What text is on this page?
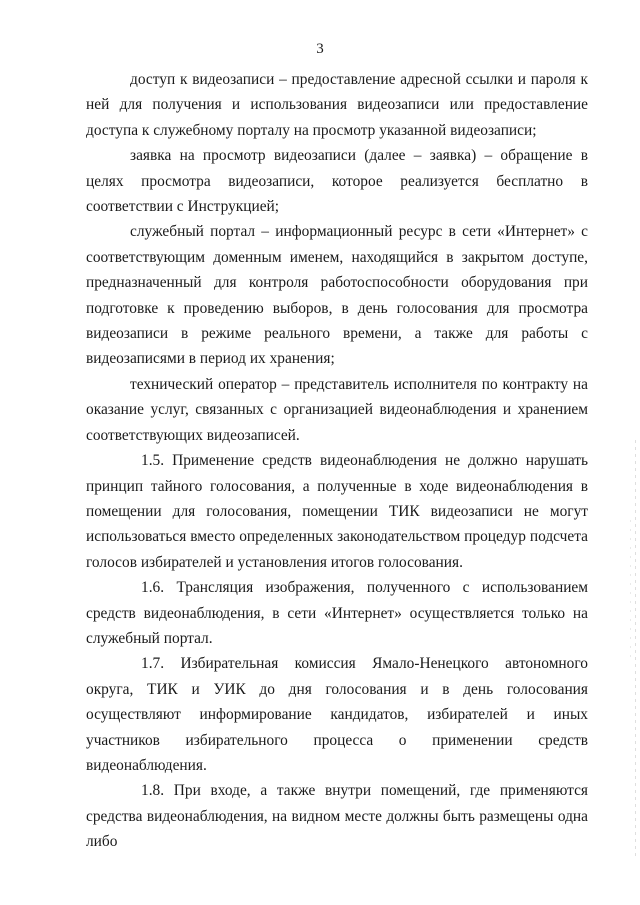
3

доступ к видеозаписи – предоставление адресной ссылки и пароля к ней для получения и использования видеозаписи или предоставление доступа к служебному порталу на просмотр указанной видеозаписи;

заявка на просмотр видеозаписи (далее – заявка) – обращение в целях просмотра видеозаписи, которое реализуется бесплатно в соответствии с Инструкцией;

служебный портал – информационный ресурс в сети «Интернет» с соответствующим доменным именем, находящийся в закрытом доступе, предназначенный для контроля работоспособности оборудования при подготовке к проведению выборов, в день голосования для просмотра видеозаписи в режиме реального времени, а также для работы с видеозаписями в период их хранения;

технический оператор – представитель исполнителя по контракту на оказание услуг, связанных с организацией видеонаблюдения и хранением соответствующих видеозаписей.

1.5. Применение средств видеонаблюдения не должно нарушать принцип тайного голосования, а полученные в ходе видеонаблюдения в помещении для голосования, помещении ТИК видеозаписи не могут использоваться вместо определенных законодательством процедур подсчета голосов избирателей и установления итогов голосования.

1.6. Трансляция изображения, полученного с использованием средств видеонаблюдения, в сети «Интернет» осуществляется только на служебный портал.

1.7. Избирательная комиссия Ямало-Ненецкого автономного округа, ТИК и УИК до дня голосования и в день голосования осуществляют информирование кандидатов, избирателей и иных участников избирательного процесса о применении средств видеонаблюдения.

1.8. При входе, а также внутри помещений, где применяются средства видеонаблюдения, на видном месте должны быть размещены одна либо
